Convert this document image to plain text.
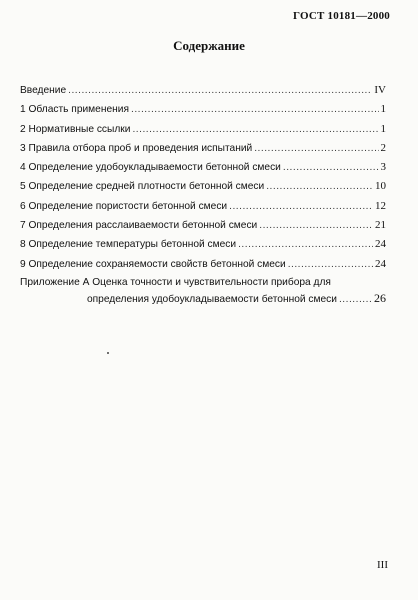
ГОСТ 10181—2000
Содержание
Введение .....	IV
1 Область применения .....	1
2 Нормативные ссылки .....	1
3 Правила отбора проб и проведения испытаний .....	2
4 Определение удобоукладываемости бетонной смеси .....	3
5 Определение средней плотности бетонной смеси .....	10
6 Определение пористости бетонной смеси .....	12
7 Определения расслаиваемости бетонной смеси .....	21
8 Определение температуры бетонной смеси .....	24
9 Определение сохраняемости свойств бетонной смеси .....	24
Приложение А Оценка точности и чувствительности прибора для
определения удобоукладываемости бетонной смеси .....	26
III
